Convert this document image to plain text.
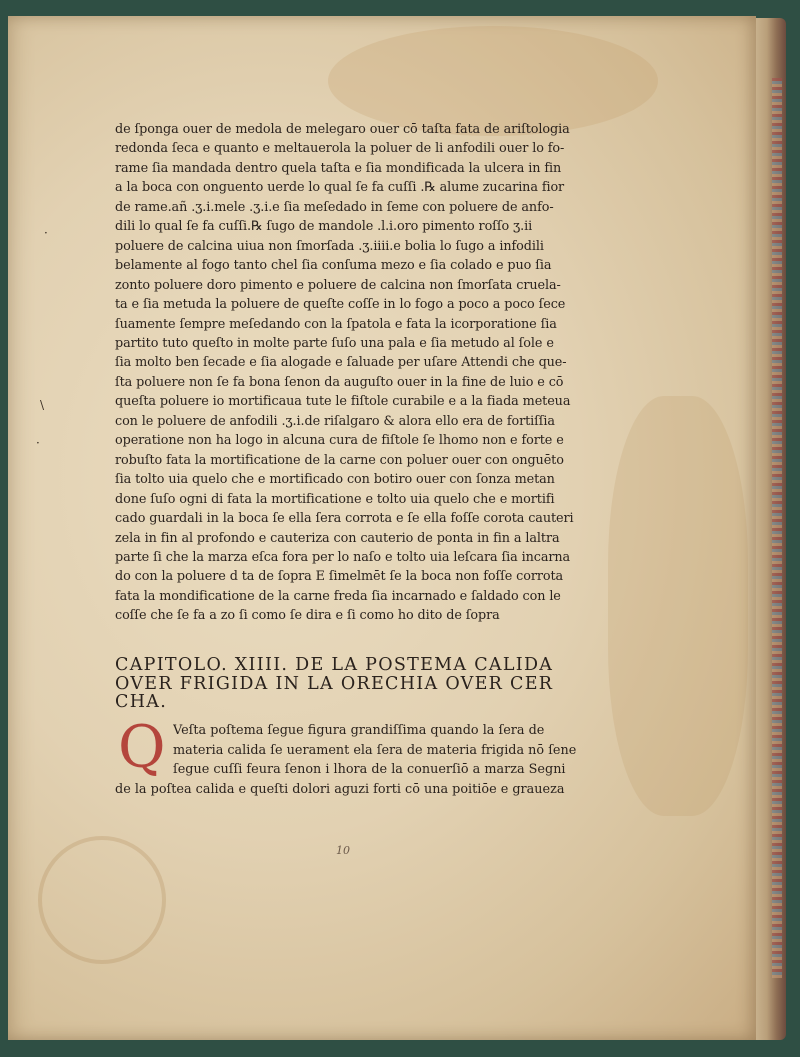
·
\
·
de ſponga ouer de medola de melegaro ouer cō taſta fata de ariſtologia
redonda ſeca e quanto e meltauerola la poluer de li anfodili ouer lo fo-
rame ſia mandada dentro quela taſta e ſia mondificada la ulcera in fin
a la boca con onguento uerde lo qual ſe fa cuſſi .℞ alume zucarina fior
de rame.añ .ʒ.i.mele .ʒ.i.e ſia meſedado in ſeme con poluere de anfo-
dili lo qual ſe fa cuſſi.℞ ſugo de mandole .l.i.oro pimento roſſo ʒ.ii
poluere de calcina uiua non ſmorſada .ʒ.iiii.e bolia lo ſugo a infodili
belamente al fogo tanto chel ſia conſuma mezo e ſia colado e puo ſia
zonto poluere doro pimento e poluere de calcina non ſmorſata cruela-
ta e ſia metuda la poluere de queſte coſſe in lo fogo a poco a poco ſece
ſuamente ſempre meſedando con la ſpatola e fata la icorporatione ſia
partito tuto queſto in molte parte ſuſo una pala e ſia metudo al ſole e
ſia molto ben ſecade e ſia alogade e ſaluade per uſare Attendi che que-
ſta poluere non ſe fa bona ſenon da auguſto ouer in la fine de luio e cō
queſta poluere io mortificaua tute le fiſtole curabile e a la fiada meteua
con le poluere de anfodili .ʒ.i.de riſalgaro & alora ello era de fortiſſia
operatione non ha logo in alcuna cura de fiſtole ſe lhomo non e forte e
robuſto fata la mortificatione de la carne con poluer ouer con onguēto
ſia tolto uia quelo che e mortificado con botiro ouer con ſonza metan
done ſuſo ogni di fata la mortificatione e tolto uia quelo che e mortifi
cado guardali in la boca ſe ella ſera corrota e ſe ella foſſe corota cauteri
zela in fin al profondo e cauteriza con cauterio de ponta in fin a laltra
parte ſi che la marza eſca fora per lo naſo e tolto uia leſcara ſia incarna
do con la poluere d ta de ſopra E ſimelmēt ſe la boca non foſſe corrota
fata la mondificatione de la carne freda ſia incarnado e ſaldado con le
coſſe che ſe fa a zo ſi como ſe dira e ſi como ho dito de ſopra
CAPITOLO. XIIII. DE LA POSTEMA CALIDA
OVER FRIGIDA IN LA ORECHIA OVER CER
CHA.
Q Veſta poſtema ſegue figura grandiſſima quando la ſera de
materia calida ſe uerament ela ſera de materia frigida nō ſene
ſegue cuſſi feura ſenon i lhora de la conuerſiō a marza Segni
de la poſtea calida e queſti dolori aguzi forti cō una poitiōe e graueza
10
